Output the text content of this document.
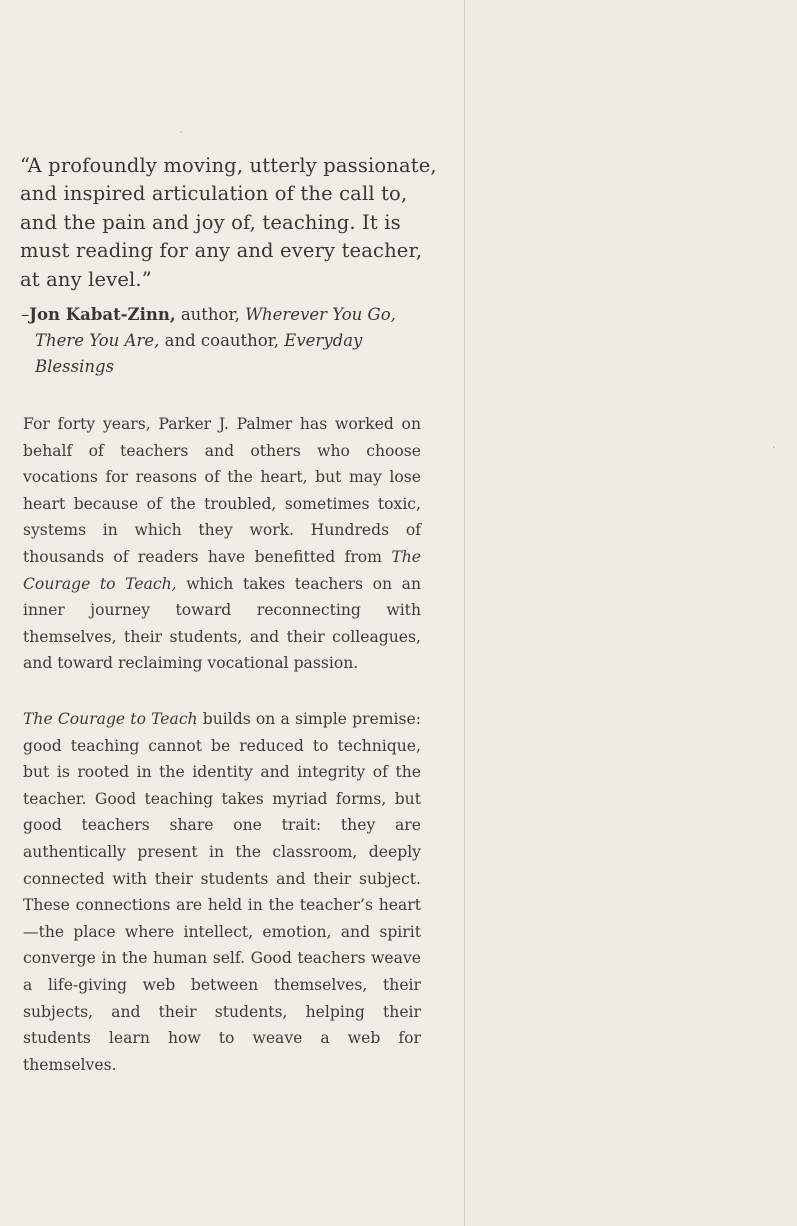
“A profoundly moving, utterly passionate, and inspired articulation of the call to, and the pain and joy of, teaching. It is must reading for any and every teacher, at any level.”

–Jon Kabat-Zinn, author, Wherever You Go,
There You Are, and coauthor, Everyday Blessings

For forty years, Parker J. Palmer has worked on behalf of teachers and others who choose vocations for reasons of the heart, but may lose heart because of the troubled, sometimes toxic, systems in which they work. Hundreds of thousands of readers have benefitted from The Courage to Teach, which takes teachers on an inner journey toward reconnecting with themselves, their students, and their colleagues, and toward reclaiming vocational passion.

The Courage to Teach builds on a simple premise: good teaching cannot be reduced to technique, but is rooted in the identity and integrity of the teacher. Good teaching takes myriad forms, but good teachers share one trait: they are authentically present in the classroom, deeply connected with their students and their subject. These connections are held in the teacher’s heart—the place where intellect, emotion, and spirit converge in the human self. Good teachers weave a life-giving web between themselves, their subjects, and their students, helping their students learn how to weave a web for themselves.
